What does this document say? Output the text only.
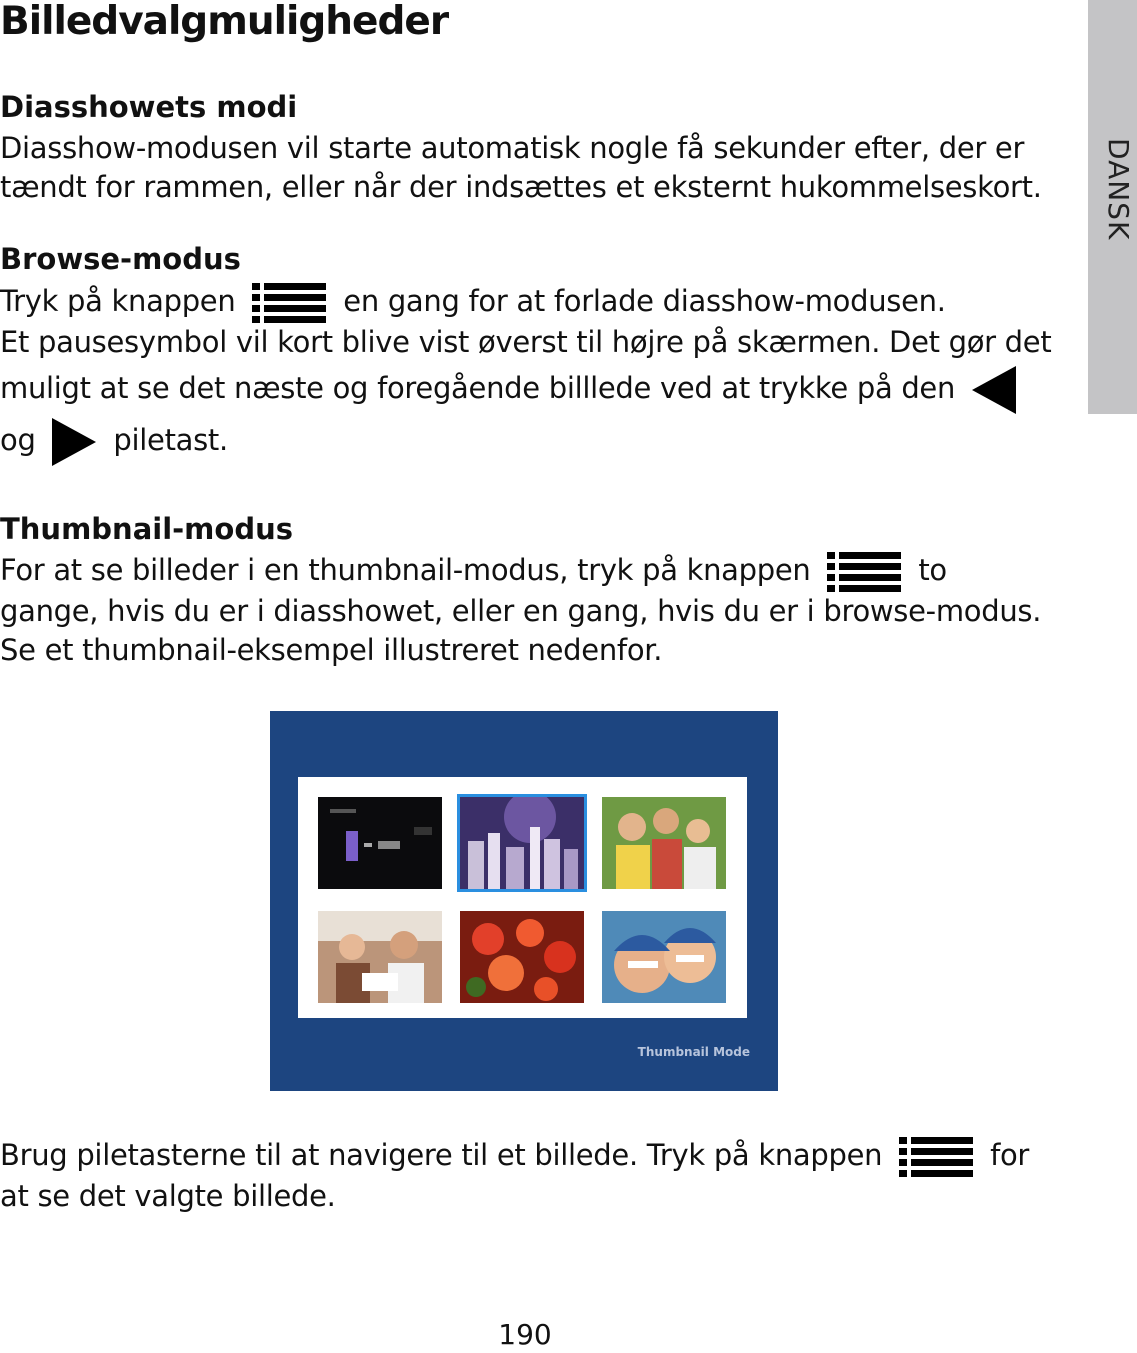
Billedvalgmuligheder
DANSK
Diasshowets modi
Diasshow-modusen vil starte automatisk nogle få sekunder efter, der er tændt for rammen, eller når der indsættes et eksternt hukommelseskort.
Browse-modus
Tryk på knappen	en gang for at forlade diasshow-modusen.
Et pausesymbol vil kort blive vist øverst til højre på skærmen. Det gør det
muligt at se det næste og foregående billlede ved at trykke på den
og	piletast.
Thumbnail-modus
For at se billeder i en thumbnail-modus, tryk på knappen	to
gange, hvis du er i diasshowet, eller en gang, hvis du er i browse-modus.
Se et thumbnail-eksempel illustreret nedenfor.
Thumbnail Mode
Brug piletasterne til at navigere til et billede. Tryk på knappen	for
at se det valgte billede.
190
